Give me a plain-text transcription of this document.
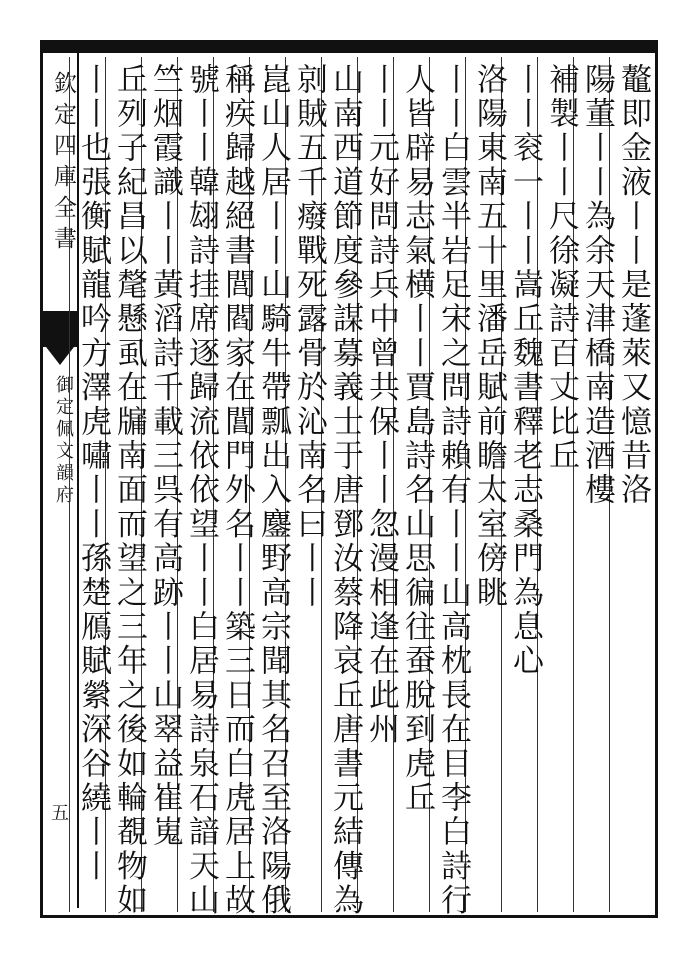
欽定四庫全書
御定佩文韻府
五
鼇即金液丨丨是蓬萊又憶昔洛
陽董丨丨為余天津橋南造酒樓
補製丨丨尺徐凝詩百丈比丘
丨丨衮一丨丨嵩丘魏書釋老志桑門為息心
洛陽東南五十里潘岳賦前瞻太室傍眺
丨丨白雲半岩足宋之問詩賴有丨丨山高枕長在目李白詩行
人皆辟易志氣横丨丨賈島詩名山思徧往蚕脫到虎丘
丨丨元好問詩兵中曾共保丨丨忽漫相逢在此州
山南西道節度參謀募義士于唐鄧汝蔡降哀丘唐書元結傳為
剠賊五千癈戰死露骨於沁南名曰丨丨
崑山人居丨丨山騎牛帶瓢出入鏖野高宗聞其名召至洛陽俄
稱疾歸越絕書閭閻家在閶門外名丨丨築三日而白虎居上故
號丨丨韓翃詩挂席逐歸流依依望丨丨白居易詩泉石諳天山
竺烟霞識丨丨黃滔詩千載三呉有高跡丨丨山翠益崔嵬
丘列子紀昌以氂懸虱在牖南面而望之三年之後如輪覩物如
丨丨也張衡賦龍吟方澤虎嘯丨丨孫楚鴈賦縈深谷繞丨丨
